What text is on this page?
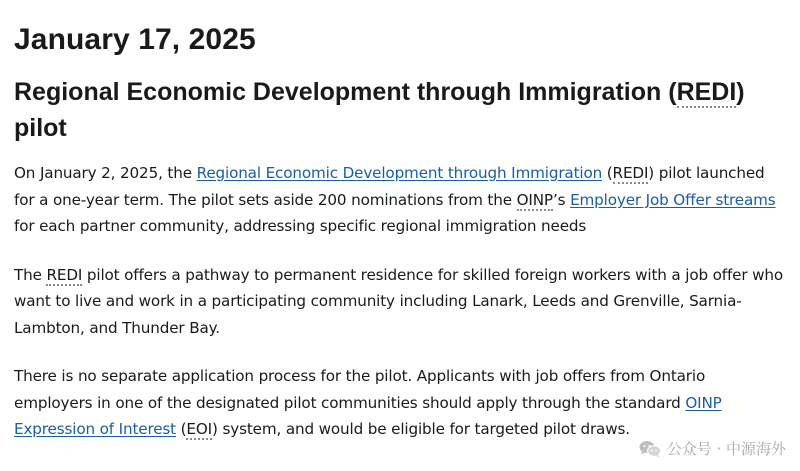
January 17, 2025
Regional Economic Development through Immigration (REDI)
pilot

On January 2, 2025, the Regional Economic Development through Immigration (REDI) pilot launched for a one-year term. The pilot sets aside 200 nominations from the OINP’s Employer Job Offer streams for each partner community, addressing specific regional immigration needs

The REDI pilot offers a pathway to permanent residence for skilled foreign workers with a job offer who want to live and work in a participating community including Lanark, Leeds and Grenville, Sarnia-Lambton, and Thunder Bay.

There is no separate application process for the pilot. Applicants with job offers from Ontario employers in one of the designated pilot communities should apply through the standard OINP Expression of Interest (EOI) system, and would be eligible for targeted pilot draws.

公众号 · 中源海外
